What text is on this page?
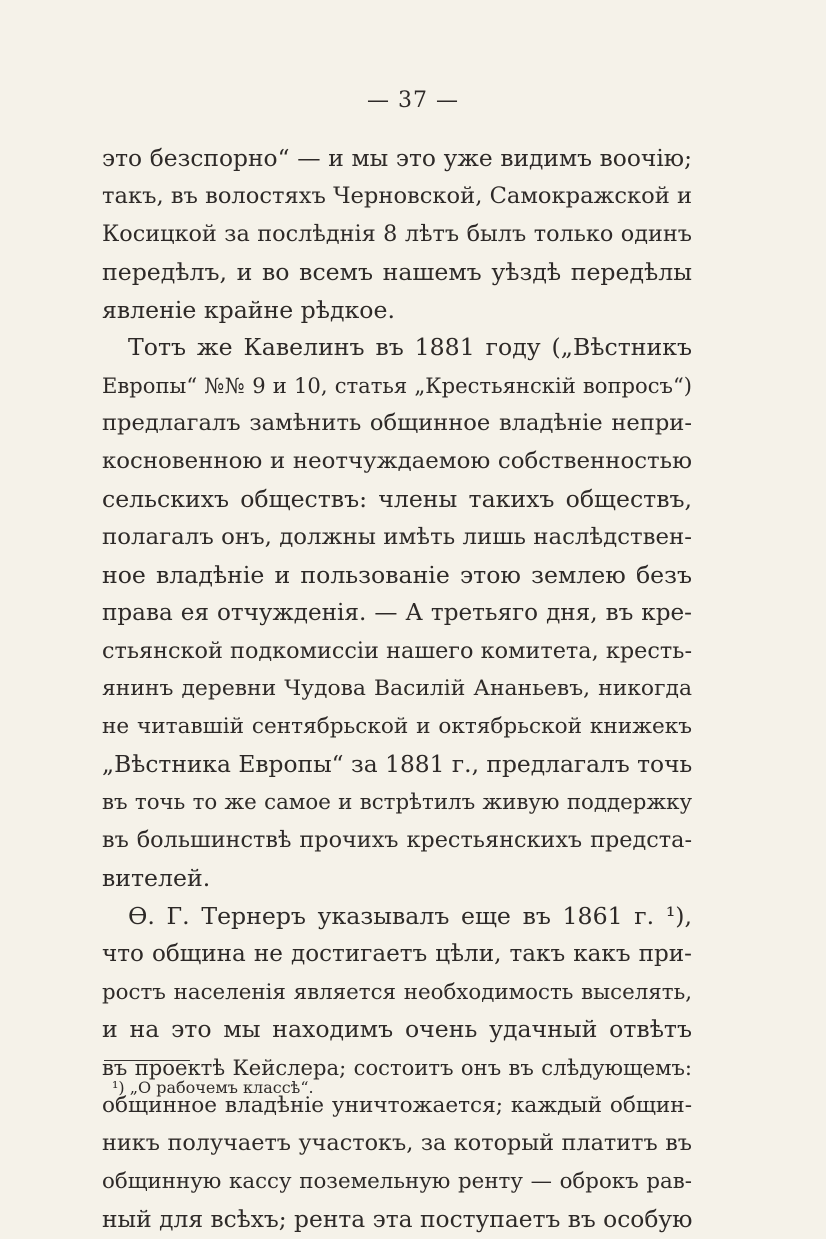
— 37 —
это безспорно“ — и мы это уже видимъ воочію;
такъ, въ волостяхъ Черновской, Самокражской и
Косицкой за послѣднія 8 лѣтъ былъ только одинъ
передѣлъ, и во всемъ нашемъ уѣздѣ передѣлы
явленіе крайне рѣдкое.
Тотъ же Кавелинъ въ 1881 году („Вѣстникъ
Европы“ №№ 9 и 10, статья „Крестьянскій вопросъ“)
предлагалъ замѣнить общинное владѣніе непри-
косновенною и неотчуждаемою собственностью
сельскихъ обществъ: члены такихъ обществъ,
полагалъ онъ, должны имѣть лишь наслѣдствен-
ное владѣніе и пользованіе этою землею безъ
права ея отчужденія. — А третьяго дня, въ кре-
стьянской подкомиссіи нашего комитета, кресть-
янинъ деревни Чудова Василій Ананьевъ, никогда
не читавшій сентябрьской и октябрьской книжекъ
„Вѣстника Европы“ за 1881 г., предлагалъ точь
въ точь то же самое и встрѣтилъ живую поддержку
въ большинствѣ прочихъ крестьянскихъ предста-
вителей.
Ѳ. Г. Тернеръ указывалъ еще въ 1861 г. ¹),
что община не достигаетъ цѣли, такъ какъ при-
ростъ населенія является необходимость выселять,
и на это мы находимъ очень удачный отвѣтъ
въ проектѣ Кейслера; состоитъ онъ въ слѣдующемъ:
общинное владѣніе уничтожается; каждый общин-
никъ получаетъ участокъ, за который платитъ въ
общинную кассу поземельную ренту — оброкъ рав-
ный для всѣхъ; рента эта поступаетъ въ особую
¹) „О рабочемъ классѣ“.
